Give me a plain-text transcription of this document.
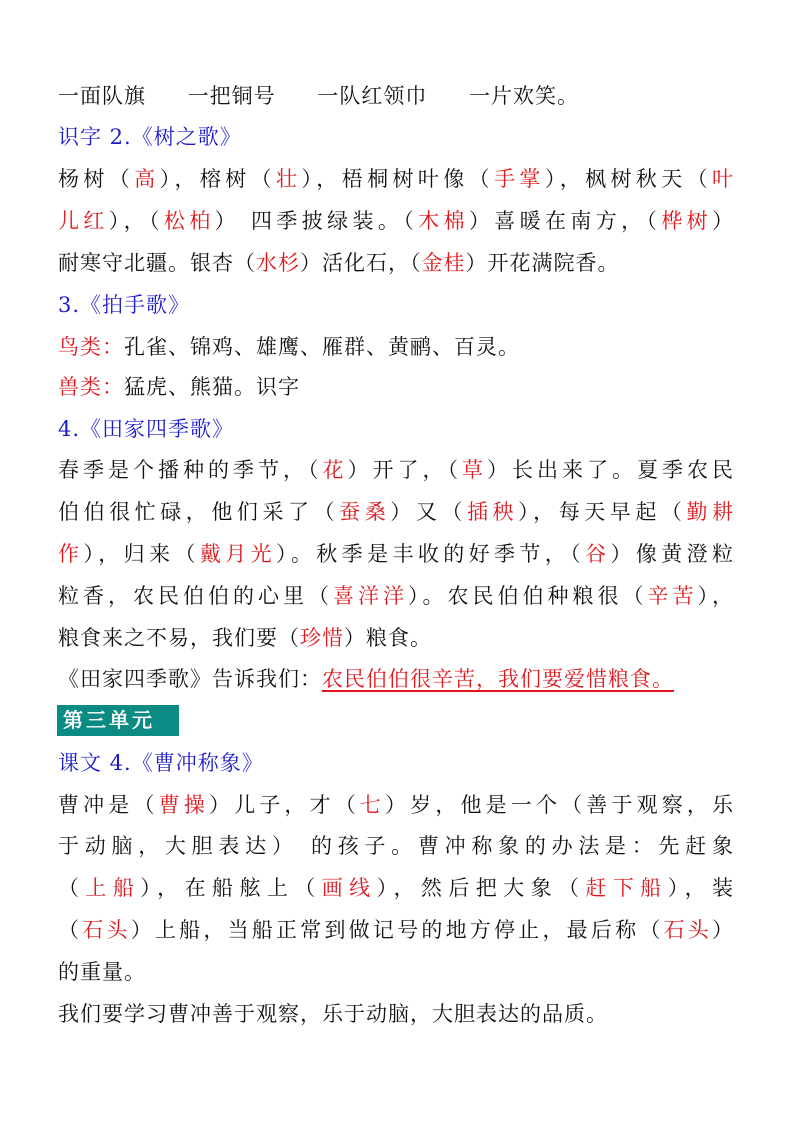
一面队旗 一把铜号 一队红领巾 一片欢笑。
识字 2.《树之歌》
杨树（高），榕树（壮），梧桐树叶像（手掌），枫树秋天（叶
儿红），（松柏） 四季披绿装。（木棉）喜暖在南方，（桦树）
耐寒守北疆。银杏（水杉）活化石，（金桂）开花满院香。
3.《拍手歌》
鸟类：孔雀、锦鸡、雄鹰、雁群、黄鹂、百灵。
兽类：猛虎、熊猫。识字
4.《田家四季歌》
春季是个播种的季节，（花）开了，（草）长出来了。夏季农民
伯伯很忙碌，他们采了（蚕桑）又（插秧），每天早起（勤耕
作），归来（戴月光）。秋季是丰收的好季节，（谷）像黄澄粒
粒香，农民伯伯的心里（喜洋洋）。农民伯伯种粮很（辛苦），
粮食来之不易，我们要（珍惜）粮食。
《田家四季歌》告诉我们：农民伯伯很辛苦，我们要爱惜粮食。
第三单元
课文 4.《曹冲称象》
曹冲是（曹操）儿子，才（七）岁，他是一个（善于观察，乐
于动脑，大胆表达） 的孩子。曹冲称象的办法是：先赶象
（上船），在船舷上（画线），然后把大象（赶下船），装
（石头）上船，当船正常到做记号的地方停止，最后称（石头）
的重量。
我们要学习曹冲善于观察，乐于动脑，大胆表达的品质。
